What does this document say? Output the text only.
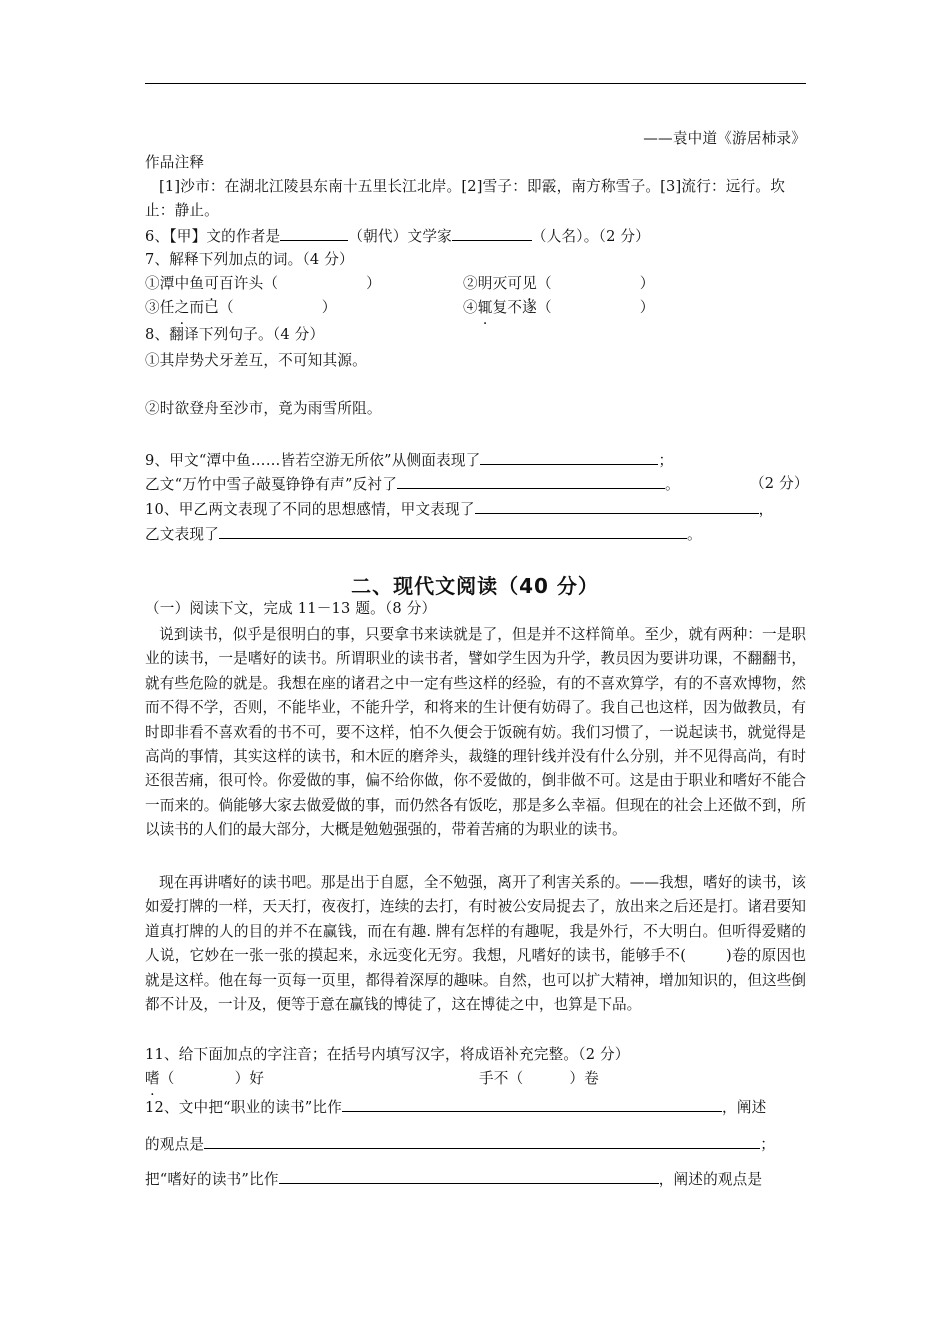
——袁中道《游居杮录》
作品注释
[1]沙市：在湖北江陵县东南十五里长江北岸。[2]雪子：即霰，南方称雪子。[3]流行：远行。坎
止：静止。
6、【甲】文的作者是	（朝代）文学家	（人名）。（2 分）
7、解释下列加点的词。（4 分）
①潭中鱼可百许头（	）	②明灭可见（	）
③任之而已（	）	④辄复不遂（	）
8、翻译下列句子。（4 分）
①其岸势犬牙差互，不可知其源。
②时欲登舟至沙市，竟为雨雪所阻。
9、甲文“潭中鱼……皆若空游无所依”从侧面表现了	；
乙文“万竹中雪子敲戛铮铮有声”反衬了	。	（2 分）
10、甲乙两文表现了不同的思想感情，甲文表现了	，
乙文表现了	。
二、现代文阅读（40 分）
（一）阅读下文，完成 11－13 题。（8 分）
说到读书，似乎是很明白的事，只要拿书来读就是了，但是并不这样简单。至少，就有两种：一是职业的读书，一是嗜好的读书。所谓职业的读书者，譬如学生因为升学，教员因为要讲功课，不翻翻书，就有些危险的就是。我想在座的诸君之中一定有些这样的经验，有的不喜欢算学，有的不喜欢博物，然而不得不学，否则，不能毕业，不能升学，和将来的生计便有妨碍了。我自己也这样，因为做教员，有时即非看不喜欢看的书不可，要不这样，怕不久便会于饭碗有妨。我们习惯了，一说起读书，就觉得是高尚的事情，其实这样的读书，和木匠的磨斧头，裁缝的理针线并没有什么分别，并不见得高尚，有时还很苦痛，很可怜。你爱做的事，偏不给你做，你不爱做的，倒非做不可。这是由于职业和嗜好不能合一而来的。倘能够大家去做爱做的事，而仍然各有饭吃，那是多么幸福。但现在的社会上还做不到，所以读书的人们的最大部分，大概是勉勉强强的，带着苦痛的为职业的读书。
现在再讲嗜好的读书吧。那是出于自愿，全不勉强，离开了利害关系的。——我想，嗜好的读书，该如爱打牌的一样，天天打，夜夜打，连续的去打，有时被公安局捉去了，放出来之后还是打。诸君要知道真打牌的人的目的并不在赢钱，而在有趣. 牌有怎样的有趣呢，我是外行，不大明白。但听得爱赌的人说，它妙在一张一张的摸起来，永远变化无穷。我想，凡嗜好的读书，能够手不(	)卷的原因也就是这样。他在每一页每一页里，都得着深厚的趣味。自然，也可以扩大精神，增加知识的，但这些倒都不计及，一计及，便等于意在赢钱的博徒了，这在博徒之中，也算是下品。
11、给下面加点的字注音；在括号内填写汉字，将成语补充完整。（2 分）
嗜（	）好	手不（	）卷
12、文中把“职业的读书”比作	，阐述
的观点是	；
把“嗜好的读书”比作	，阐述的观点是
